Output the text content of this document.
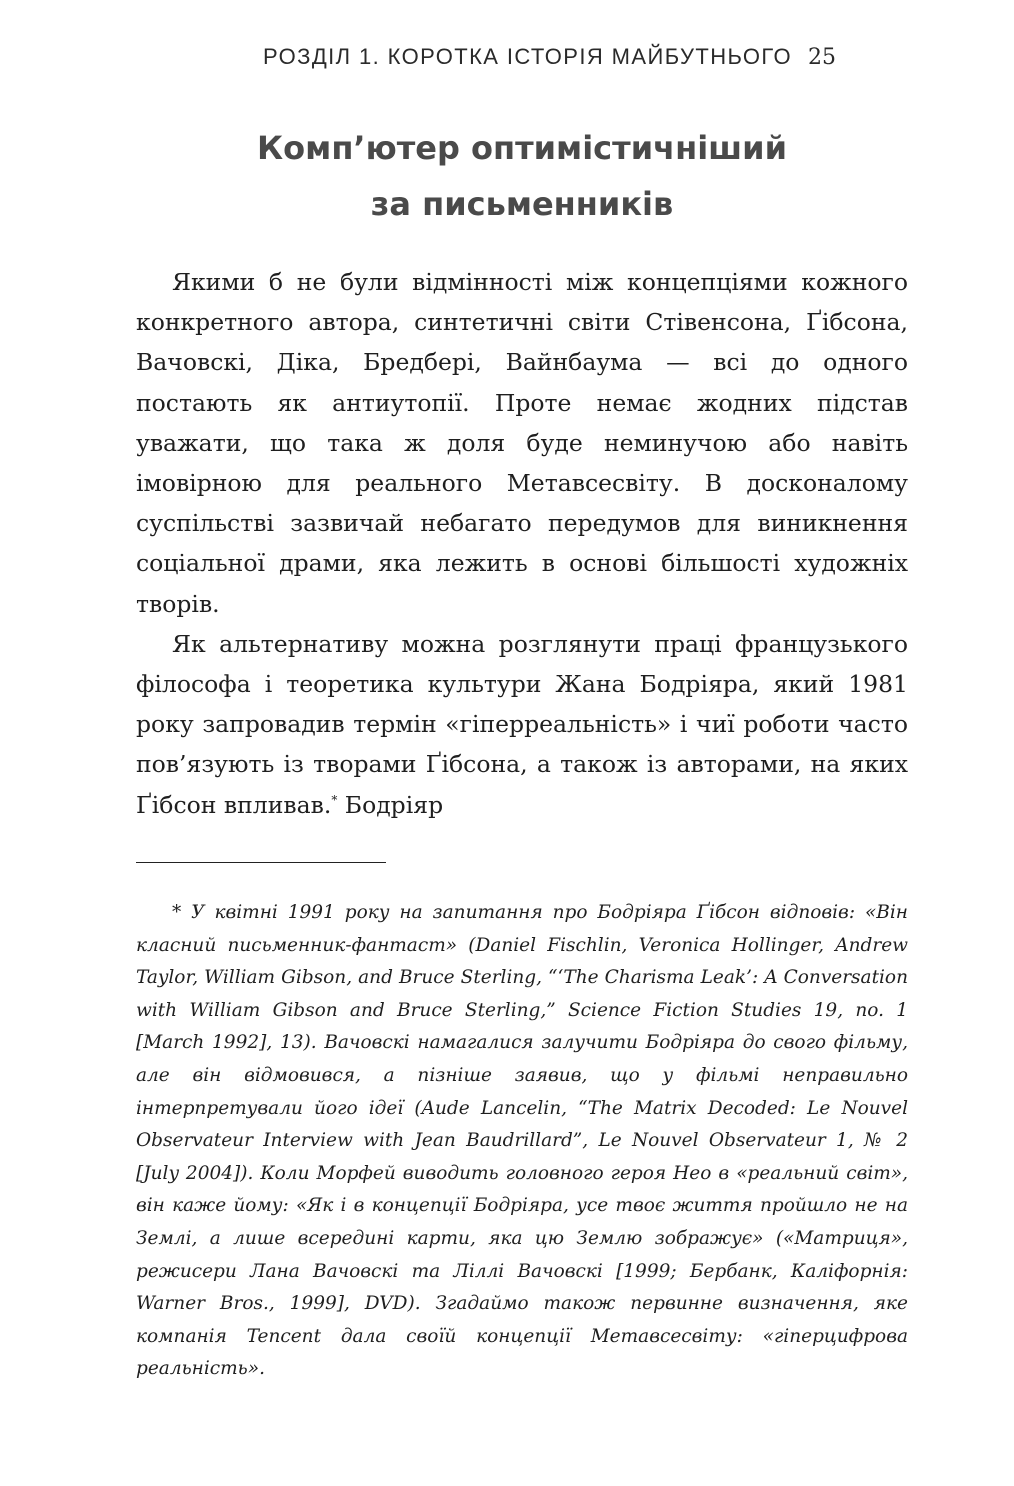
РОЗДІЛ 1. КОРОТКА ІСТОРІЯ МАЙБУТНЬОГО 25
Комп’ютер оптимістичніший
за письменників

Якими б не були відмінності між концепціями кожного конкретного автора, синтетичні світи Стівенсона, Ґібсона, Вачовскі, Діка, Бредбері, Вайнбаума — всі до одного постають як антиутопії. Проте немає жодних підстав уважати, що така ж доля буде неминучою або навіть імовірною для реального Метавсесвіту. В досконалому суспільстві зазвичай небагато передумов для виникнення соціальної драми, яка лежить в основі більшості художніх творів.

Як альтернативу можна розглянути праці французького філософа і теоретика культури Жана Бодріяра, який 1981 року запровадив термін «гіперреальність» і чиї роботи часто пов’язують із творами Ґібсона, а також із авторами, на яких Ґібсон впливав.* Бодріяр

* У квітні 1991 року на запитання про Бодріяра Ґібсон відповів: «Він класний письменник-фантаст» (Daniel Fischlin, Veronica Hollinger, Andrew Taylor, William Gibson, and Bruce Sterling, “‘The Charisma Leak’: A Conversation with William Gibson and Bruce Sterling,” Science Fiction Studies 19, no. 1 [March 1992], 13). Вачовскі намагалися залучити Бодріяра до свого фільму, але він відмовився, а пізніше заявив, що у фільмі неправильно інтерпретували його ідеї (Aude Lancelin, “The Matrix Decoded: Le Nouvel Observateur Interview with Jean Baudrillard”, Le Nouvel Observateur 1, № 2 [July 2004]). Коли Морфей виводить головного героя Нео в «реальний світ», він каже йому: «Як і в концепції Бодріяра, усе твоє життя пройшло не на Землі, а лише всередині карти, яка цю Землю зображує» («Матриця», режисери Лана Вачовскі та Ліллі Вачовскі [1999; Бербанк, Каліфорнія: Warner Bros., 1999], DVD). Згадаймо також первинне визначення, яке компанія Tencent дала своїй концепції Метавсесвіту: «гіперцифрова реальність».
